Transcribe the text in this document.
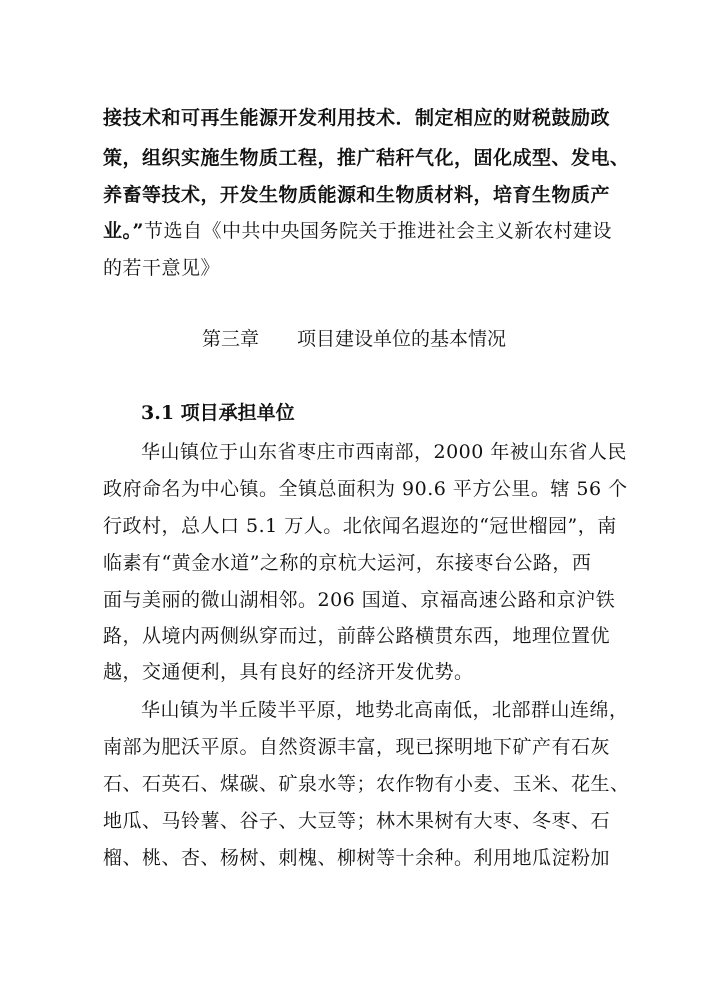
接技术和可再生能源开发利用技术．制定相应的财税鼓励政
策，组织实施生物质工程，推广秸秆气化，固化成型、发电、
养畜等技术，开发生物质能源和生物质材料，培育生物质产
业。”节选自《中共中央国务院关于推进社会主义新农村建设
的若干意见》
第三章 项目建设单位的基本情况
3.1 项目承担单位
华山镇位于山东省枣庄市西南部，2000 年被山东省人民
政府命名为中心镇。全镇总面积为 90.6 平方公里。辖 56 个
行政村，总人口 5.1 万人。北依闻名遐迩的“冠世榴园”，南
临素有“黄金水道”之称的京杭大运河，东接枣台公路，西
面与美丽的微山湖相邻。206 国道、京福高速公路和京沪铁
路，从境内两侧纵穿而过，前薛公路横贯东西，地理位置优
越，交通便利，具有良好的经济开发优势。
华山镇为半丘陵半平原，地势北高南低，北部群山连绵，
南部为肥沃平原。自然资源丰富，现已探明地下矿产有石灰
石、石英石、煤碳、矿泉水等；农作物有小麦、玉米、花生、
地瓜、马铃薯、谷子、大豆等；林木果树有大枣、冬枣、石
榴、桃、杏、杨树、刺槐、柳树等十余种。利用地瓜淀粉加
